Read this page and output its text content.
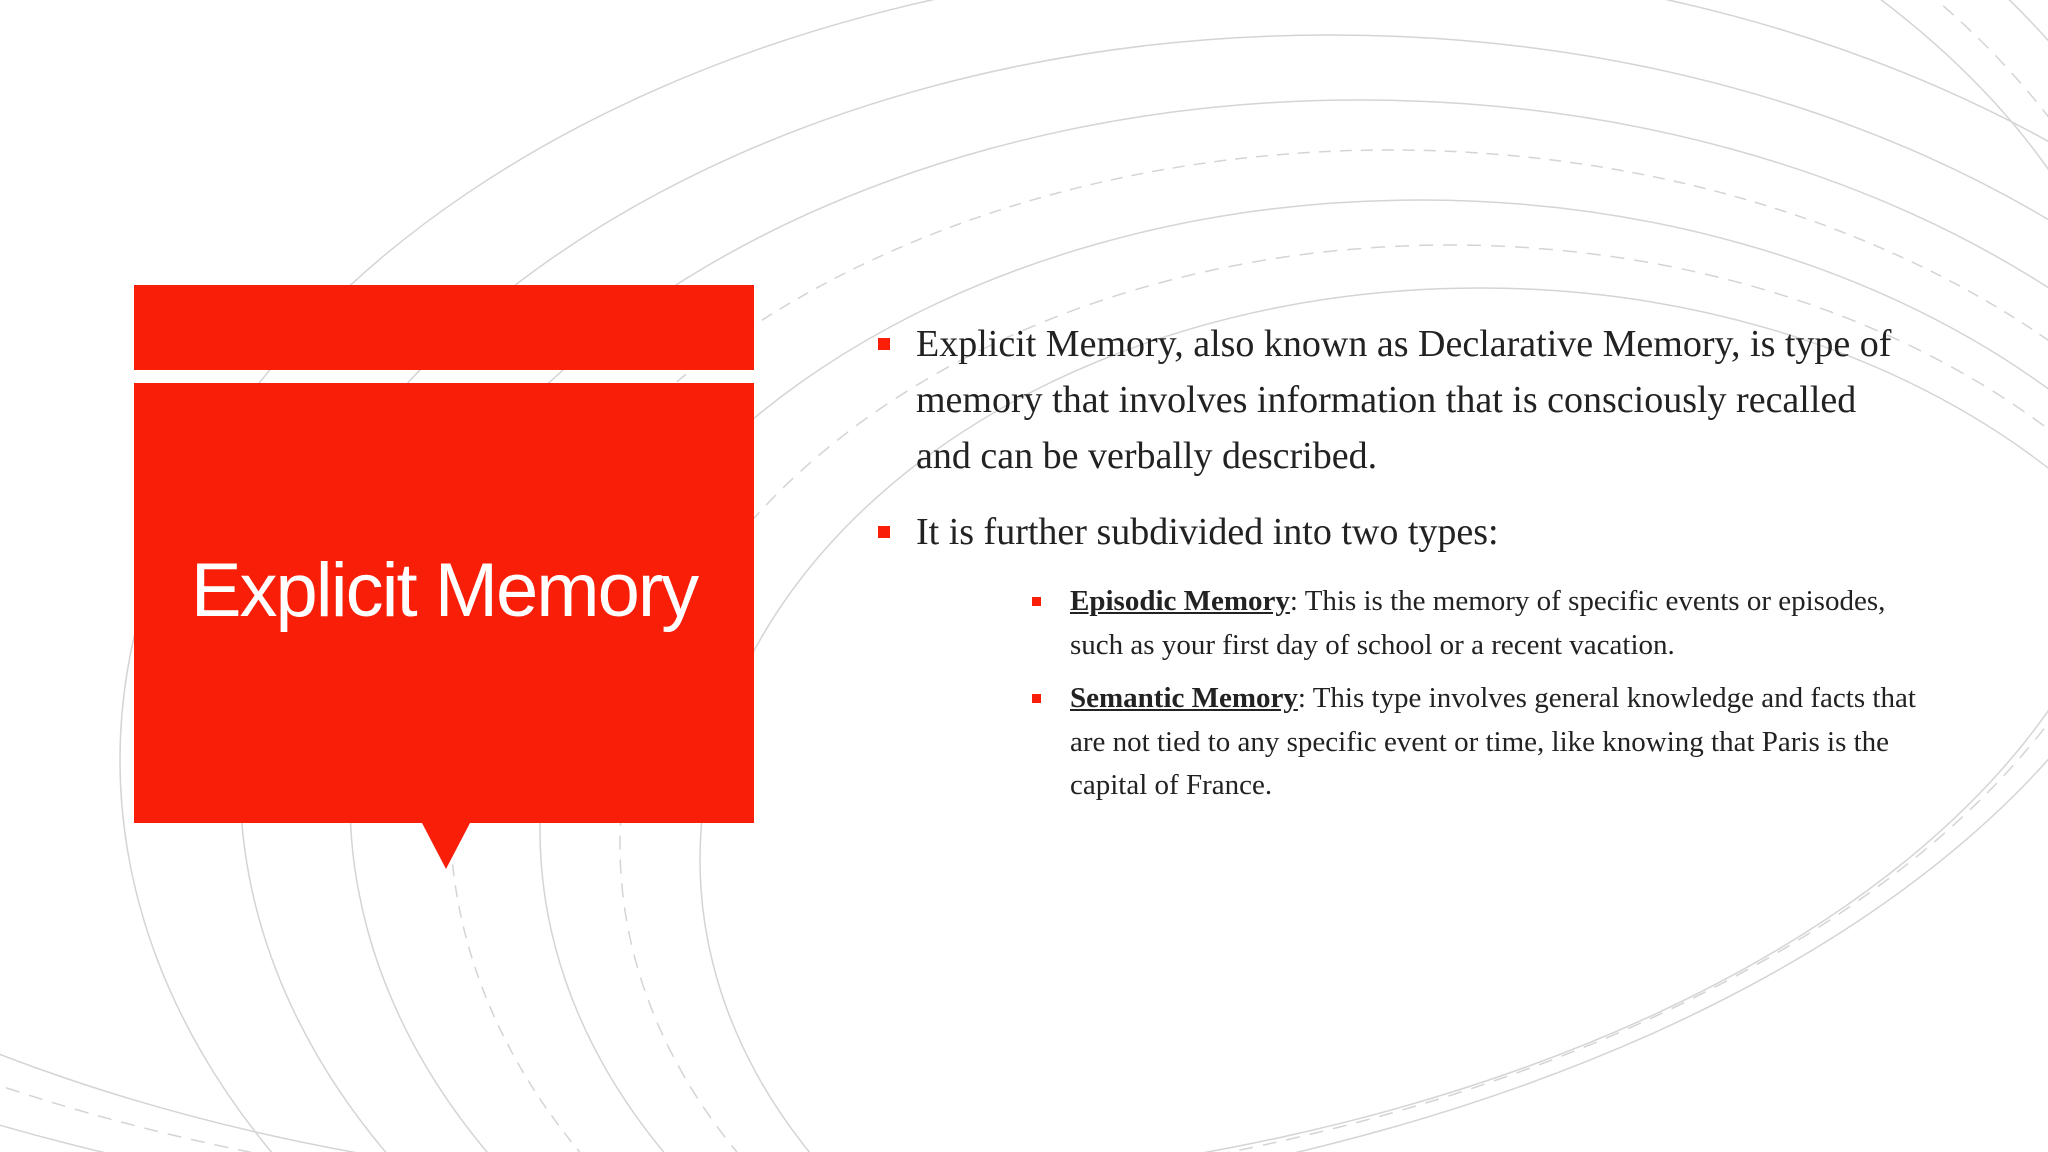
Explicit Memory
Explicit Memory, also known as Declarative Memory, is type of memory that involves information that is consciously recalled and can be verbally described.
It is further subdivided into two types:
Episodic Memory: This is the memory of specific events or episodes, such as your first day of school or a recent vacation.
Semantic Memory: This type involves general knowledge and facts that are not tied to any specific event or time, like knowing that Paris is the capital of France.
